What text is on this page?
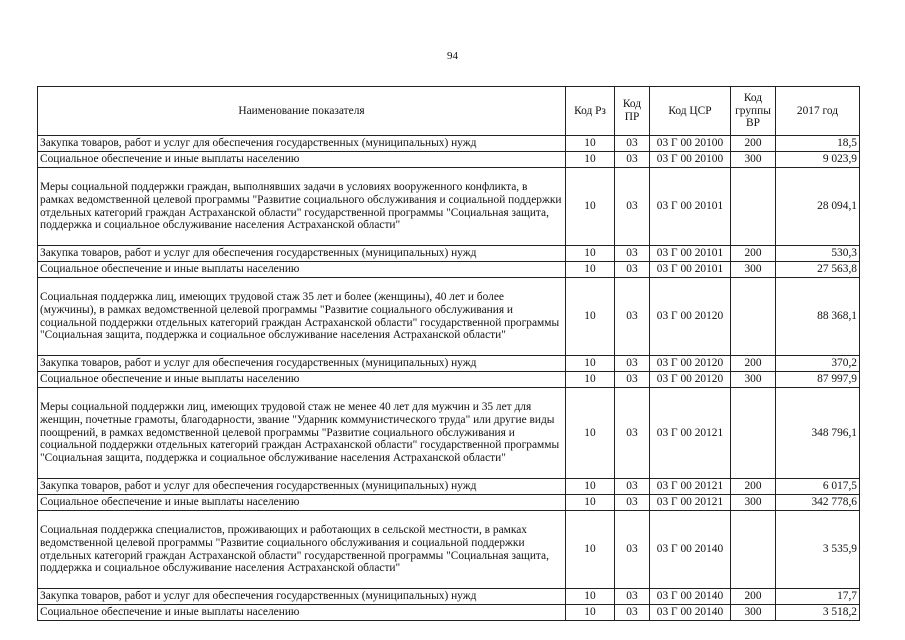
94
Наименование показателя	Код Рз	Код ПР	Код ЦСР	Код группы ВР	2017 год
Закупка товаров, работ и услуг для обеспечения государственных (муниципальных) нужд	10	03	03 Г 00 20100	200	18,5
Социальное обеспечение и иные выплаты населению	10	03	03 Г 00 20100	300	9 023,9
Меры социальной поддержки граждан, выполнявших задачи в условиях вооруженного конфликта, в рамках ведомственной целевой программы "Развитие социального обслуживания и социальной поддержки отдельных категорий граждан Астраханской области" государственной программы "Социальная защита, поддержка и социальное обслуживание населения Астраханской области"	10	03	03 Г 00 20101		28 094,1
Закупка товаров, работ и услуг для обеспечения государственных (муниципальных) нужд	10	03	03 Г 00 20101	200	530,3
Социальное обеспечение и иные выплаты населению	10	03	03 Г 00 20101	300	27 563,8
Социальная поддержка лиц, имеющих трудовой стаж 35 лет и более (женщины), 40 лет и более (мужчины), в рамках ведомственной целевой программы "Развитие социального обслуживания и социальной поддержки отдельных категорий граждан Астраханской области" государственной программы "Социальная защита, поддержка и социальное обслуживание населения Астраханской области"	10	03	03 Г 00 20120		88 368,1
Закупка товаров, работ и услуг для обеспечения государственных (муниципальных) нужд	10	03	03 Г 00 20120	200	370,2
Социальное обеспечение и иные выплаты населению	10	03	03 Г 00 20120	300	87 997,9
Меры социальной поддержки лиц, имеющих трудовой стаж не менее 40 лет для мужчин и 35 лет для женщин, почетные грамоты, благодарности, звание "Ударник коммунистического труда" или другие виды поощрений, в рамках ведомственной целевой программы "Развитие социального обслуживания и социальной поддержки отдельных категорий граждан Астраханской области" государственной программы "Социальная защита, поддержка и социальное обслуживание населения Астраханской области"	10	03	03 Г 00 20121		348 796,1
Закупка товаров, работ и услуг для обеспечения государственных (муниципальных) нужд	10	03	03 Г 00 20121	200	6 017,5
Социальное обеспечение и иные выплаты населению	10	03	03 Г 00 20121	300	342 778,6
Социальная поддержка специалистов, проживающих и работающих в сельской местности, в рамках ведомственной целевой программы "Развитие социального обслуживания и социальной поддержки отдельных категорий граждан Астраханской области" государственной программы "Социальная защита, поддержка и социальное обслуживание населения Астраханской области"	10	03	03 Г 00 20140		3 535,9
Закупка товаров, работ и услуг для обеспечения государственных (муниципальных) нужд	10	03	03 Г 00 20140	200	17,7
Социальное обеспечение и иные выплаты населению	10	03	03 Г 00 20140	300	3 518,2
